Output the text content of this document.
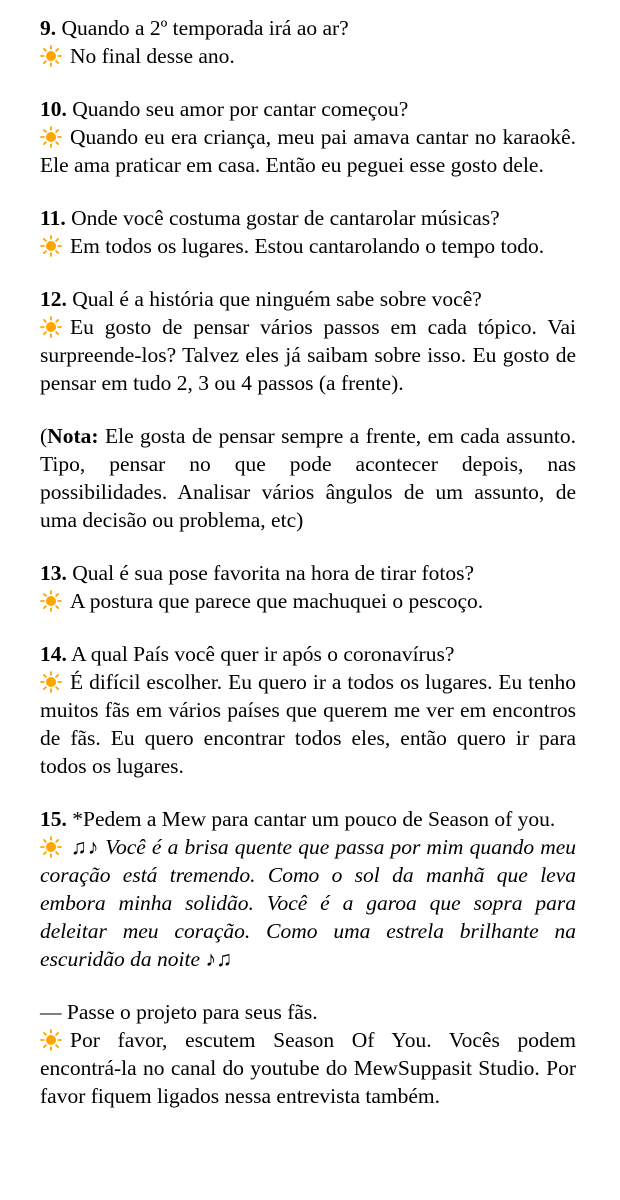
9. Quando a 2º temporada irá ao ar?

No final desse ano.

10. Quando seu amor por cantar começou?

Quando eu era criança, meu pai amava cantar no karaokê. Ele ama praticar em casa. Então eu peguei esse gosto dele.

11. Onde você costuma gostar de cantarolar músicas?

Em todos os lugares. Estou cantarolando o tempo todo.

12. Qual é a história que ninguém sabe sobre você?

Eu gosto de pensar vários passos em cada tópico. Vai surpreende-los? Talvez eles já saibam sobre isso. Eu gosto de pensar em tudo 2, 3 ou 4 passos (a frente).

(Nota: Ele gosta de pensar sempre a frente, em cada assunto. Tipo, pensar no que pode acontecer depois, nas possibilidades. Analisar vários ângulos de um assunto, de uma decisão ou problema, etc)

13. Qual é sua pose favorita na hora de tirar fotos?

A postura que parece que machuquei o pescoço.

14. A qual País você quer ir após o coronavírus?

É difícil escolher. Eu quero ir a todos os lugares. Eu tenho muitos fãs em vários países que querem me ver em encontros de fãs. Eu quero encontrar todos eles, então quero ir para todos os lugares.

15. *Pedem a Mew para cantar um pouco de Season of you.

♫♪ Você é a brisa quente que passa por mim quando meu coração está tremendo. Como o sol da manhã que leva embora minha solidão. Você é a garoa que sopra para deleitar meu coração. Como uma estrela brilhante na escuridão da noite ♪♫

— Passe o projeto para seus fãs.

Por favor, escutem Season Of You. Vocês podem encontrá-la no canal do youtube do MewSuppasit Studio. Por favor fiquem ligados nessa entrevista também.
